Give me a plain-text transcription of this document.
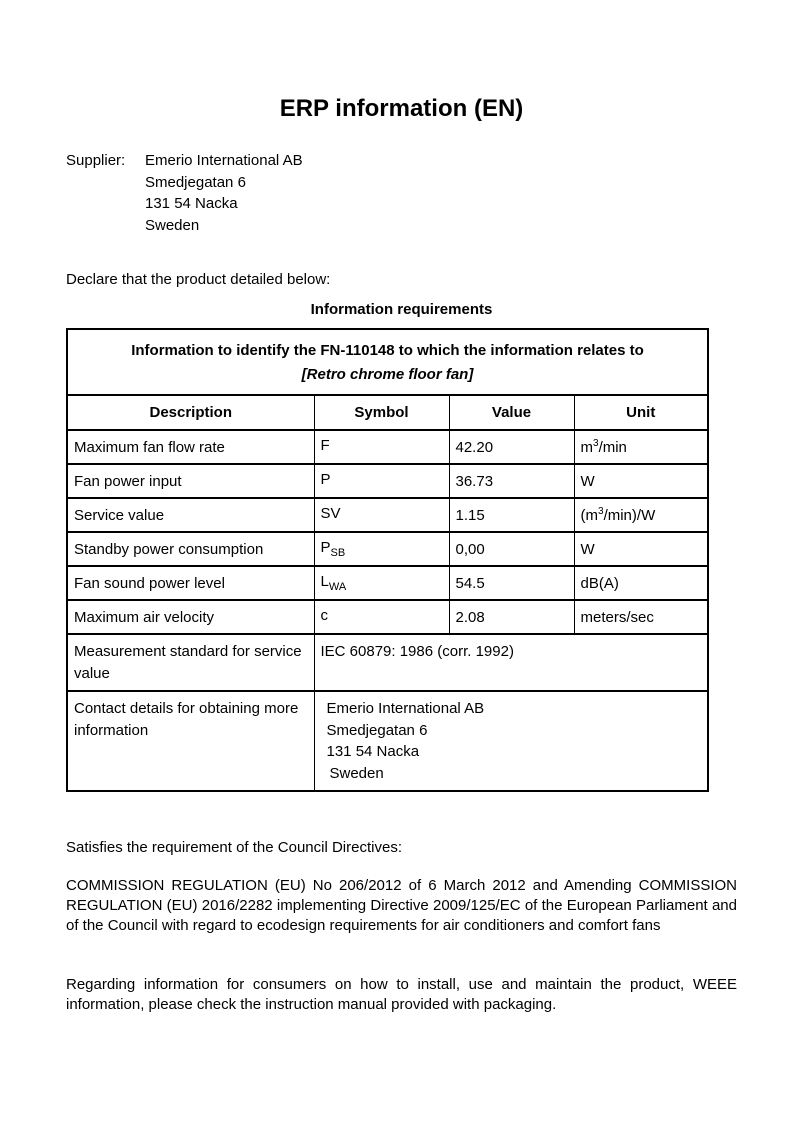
ERP information (EN)
Supplier:	Emerio International AB
Smedjegatan 6
131 54 Nacka
Sweden
Declare that the product detailed below:
Information requirements
Information to identify the FN-110148 to which the information relates to
[Retro chrome floor fan]			

Description	Symbol	Value	Unit
Maximum fan flow rate	F	42.20	$m^3/\min$
Fan power input	P	36.73	W
Service value	SV	1.15	$(m^3/\min)/W$
Standby power consumption	$P_{SB}$	0,00	W
Fan sound power level	$L_{WA}$	54.5	dB(A)
Maximum air velocity	c	2.08	meters/sec
Measurement standard for service value	IEC 60879: 1986 (corr. 1992)		
Contact details for obtaining more information	Emerio International AB
Smedjegatan 6
131 54 Nacka
Sweden		
Satisfies the requirement of the Council Directives:
COMMISSION REGULATION (EU) No 206/2012 of 6 March 2012 and Amending COMMISSION REGULATION (EU) 2016/2282 implementing Directive 2009/125/EC of the European Parliament and of the Council with regard to ecodesign requirements for air conditioners and comfort fans
Regarding information for consumers on how to install, use and maintain the product, WEEE information, please check the instruction manual provided with packaging.
